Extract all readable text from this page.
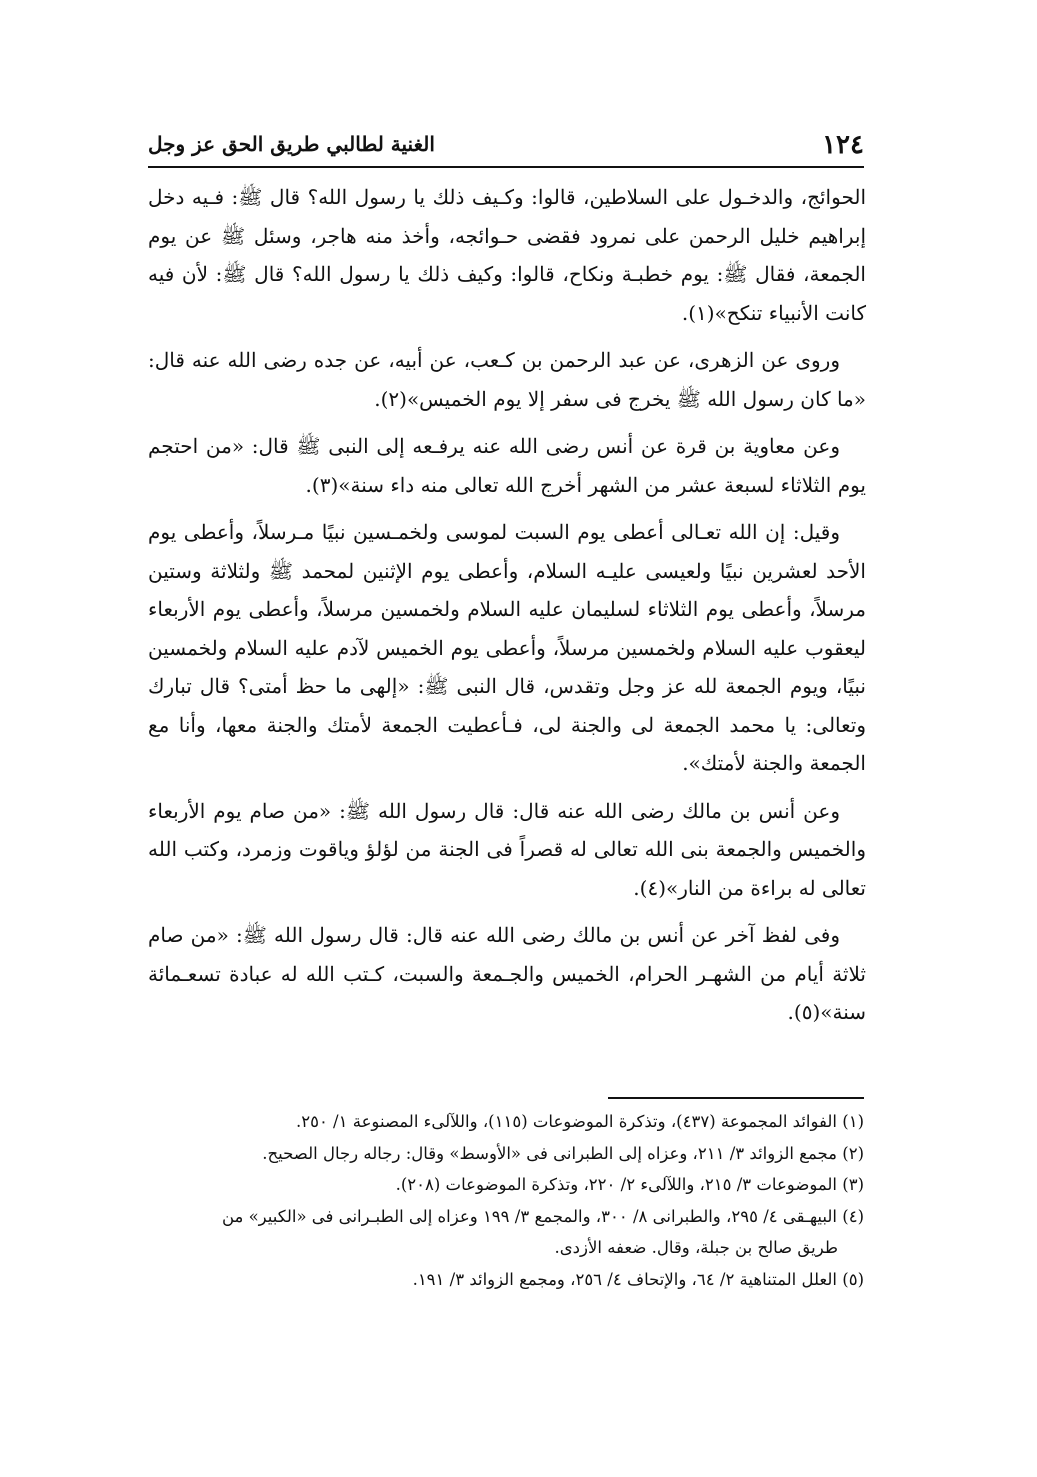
١٢٤
الغنية لطالبي طريق الحق عز وجل

الحوائج، والدخـول على السلاطين، قالوا: وكـيف ذلك يا رسول الله؟ قال ﷺ: فـيه دخل إبراهيم خليل الرحمن على نمرود فقضى حـوائجه، وأخذ منه هاجر، وسئل ﷺ عن يوم الجمعة، فقال ﷺ: يوم خطبـة ونكاح، قالوا: وكيف ذلك يا رسول الله؟ قال ﷺ: لأن فيه كانت الأنبياء تنكح»(١).

وروى عن الزهرى، عن عبد الرحمن بن كـعب، عن أبيه، عن جده رضى الله عنه قال: «ما كان رسول الله ﷺ يخرج فى سفر إلا يوم الخميس»(٢).

وعن معاوية بن قرة عن أنس رضى الله عنه يرفـعه إلى النبى ﷺ قال: «من احتجم يوم الثلاثاء لسبعة عشر من الشهر أخرج الله تعالى منه داء سنة»(٣).

وقيل: إن الله تعـالى أعطى يوم السبت لموسى ولخمـسين نبيًا مـرسلاً، وأعطى يوم الأحد لعشرين نبيًا ولعيسى عليـه السلام، وأعطى يوم الإثنين لمحمد ﷺ ولثلاثة وستين مرسلاً، وأعطى يوم الثلاثاء لسليمان عليه السلام ولخمسين مرسلاً، وأعطى يوم الأربعاء ليعقوب عليه السلام ولخمسين مرسلاً، وأعطى يوم الخميس لآدم عليه السلام ولخمسين نبيًا، ويوم الجمعة لله عز وجل وتقدس، قال النبى ﷺ: «إلهى ما حظ أمتى؟ قال تبارك وتعالى: يا محمد الجمعة لى والجنة لى، فـأعطيت الجمعة لأمتك والجنة معها، وأنا مع الجمعة والجنة لأمتك».

وعن أنس بن مالك رضى الله عنه قال: قال رسول الله ﷺ: «من صام يوم الأربعاء والخميس والجمعة بنى الله تعالى له قصراً فى الجنة من لؤلؤ وياقوت وزمرد، وكتب الله تعالى له براءة من النار»(٤).

وفى لفظ آخر عن أنس بن مالك رضى الله عنه قال: قال رسول الله ﷺ: «من صام ثلاثة أيام من الشهـر الحرام، الخميس والجـمعة والسبت، كـتب الله له عبادة تسعـمائة سنة»(٥).

(١) الفوائد المجموعة (٤٣٧)، وتذكرة الموضوعات (١١٥)، واللآلىء المصنوعة ١/ ٢٥٠.

(٢) مجمع الزوائد ٣/ ٢١١، وعزاه إلى الطبرانى فى «الأوسط» وقال: رجاله رجال الصحيح.

(٣) الموضوعات ٣/ ٢١٥، واللآلىء ٢/ ٢٢٠، وتذكرة الموضوعات (٢٠٨).

(٤) البيهـقى ٤/ ٢٩٥، والطبرانى ٨/ ٣٠٠، والمجمع ٣/ ١٩٩ وعزاه إلى الطبـرانى فى «الكبير» من

طريق صالح بن جبلة، وقال. ضعفه الأزدى.

(٥) العلل المتناهية ٢/ ٦٤، والإتحاف ٤/ ٢٥٦، ومجمع الزوائد ٣/ ١٩١.
